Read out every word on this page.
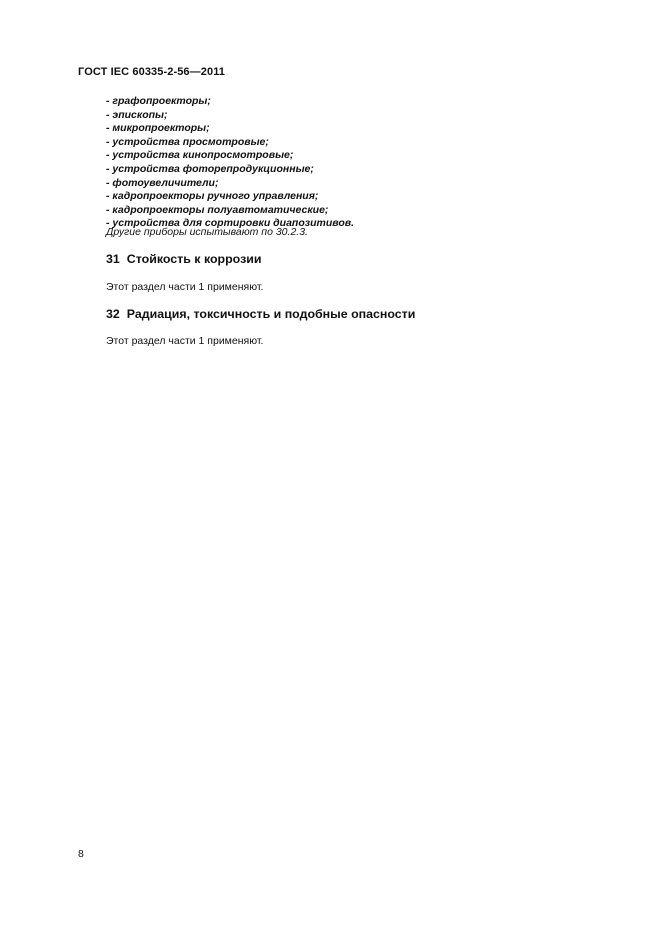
ГОСТ IEC 60335-2-56—2011
- графопроекторы;
- эпископы;
- микропроекторы;
- устройства просмотровые;
- устройства кинопросмотровые;
- устройства фоторепродукционные;
- фотоувеличители;
- кадропроекторы ручного управления;
- кадропроекторы полуавтоматические;
- устройства для сортировки диапозитивов.
Другие приборы испытывают по 30.2.3.
31 Стойкость к коррозии
Этот раздел части 1 применяют.
32 Радиация, токсичность и подобные опасности
Этот раздел части 1 применяют.
8
